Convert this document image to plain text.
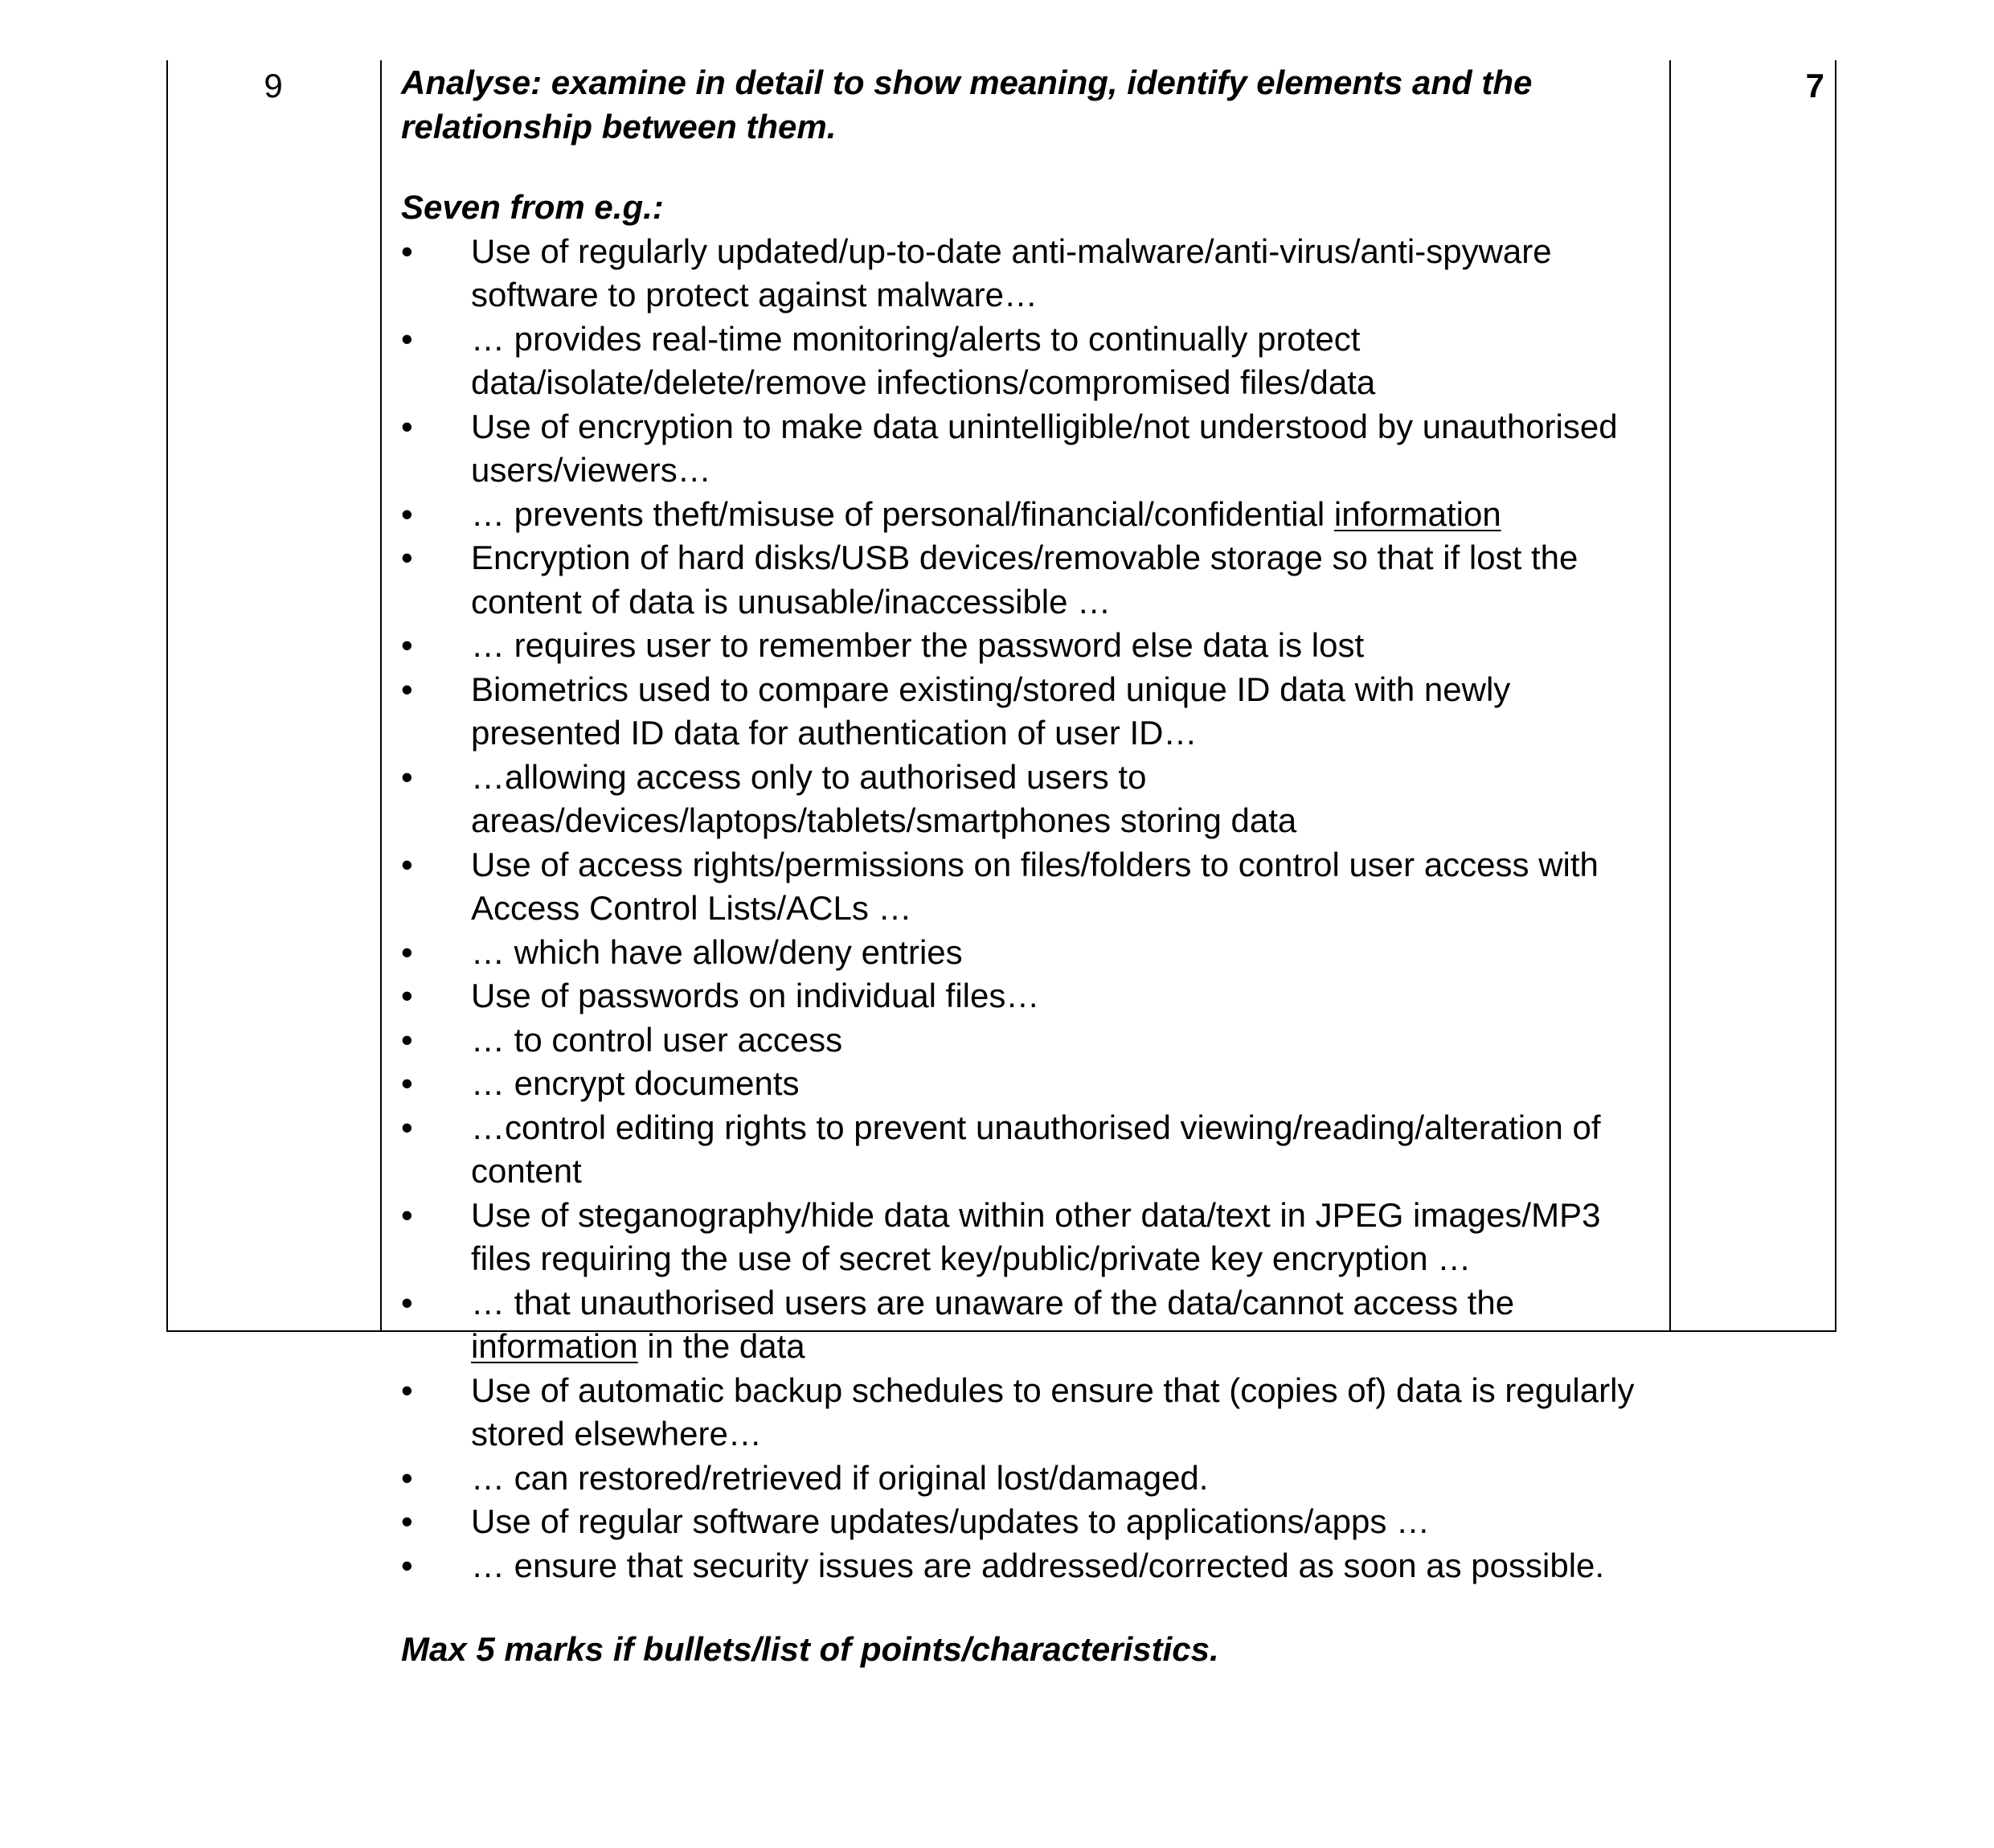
9	Analyse: examine in detail to show meaning, identify elements and the relationship between them.

Seven from e.g.:

• Use of regularly updated/up-to-date anti-malware/anti-virus/anti-spyware software to protect against malware…
• … provides real-time monitoring/alerts to continually protect data/isolate/delete/remove infections/compromised files/data
• Use of encryption to make data unintelligible/not understood by unauthorised users/viewers…
• … prevents theft/misuse of personal/financial/confidential information
• Encryption of hard disks/USB devices/removable storage so that if lost the content of data is unusable/inaccessible …
• … requires user to remember the password else data is lost
• Biometrics used to compare existing/stored unique ID data with newly presented ID data for authentication of user ID…
• …allowing access only to authorised users to areas/devices/laptops/tablets/smartphones storing data
• Use of access rights/permissions on files/folders to control user access with Access Control Lists/ACLs …
• … which have allow/deny entries
• Use of passwords on individual files…
• … to control user access
• … encrypt documents
• …control editing rights to prevent unauthorised viewing/reading/alteration of content
• Use of steganography/hide data within other data/text in JPEG images/MP3 files requiring the use of secret key/public/private key encryption …
• … that unauthorised users are unaware of the data/cannot access the information in the data
• Use of automatic backup schedules to ensure that (copies of) data is regularly stored elsewhere…
• … can restored/retrieved if original lost/damaged.
• Use of regular software updates/updates to applications/apps …
• … ensure that security issues are addressed/corrected as soon as possible.

Max 5 marks if bullets/list of points/characteristics.

7
